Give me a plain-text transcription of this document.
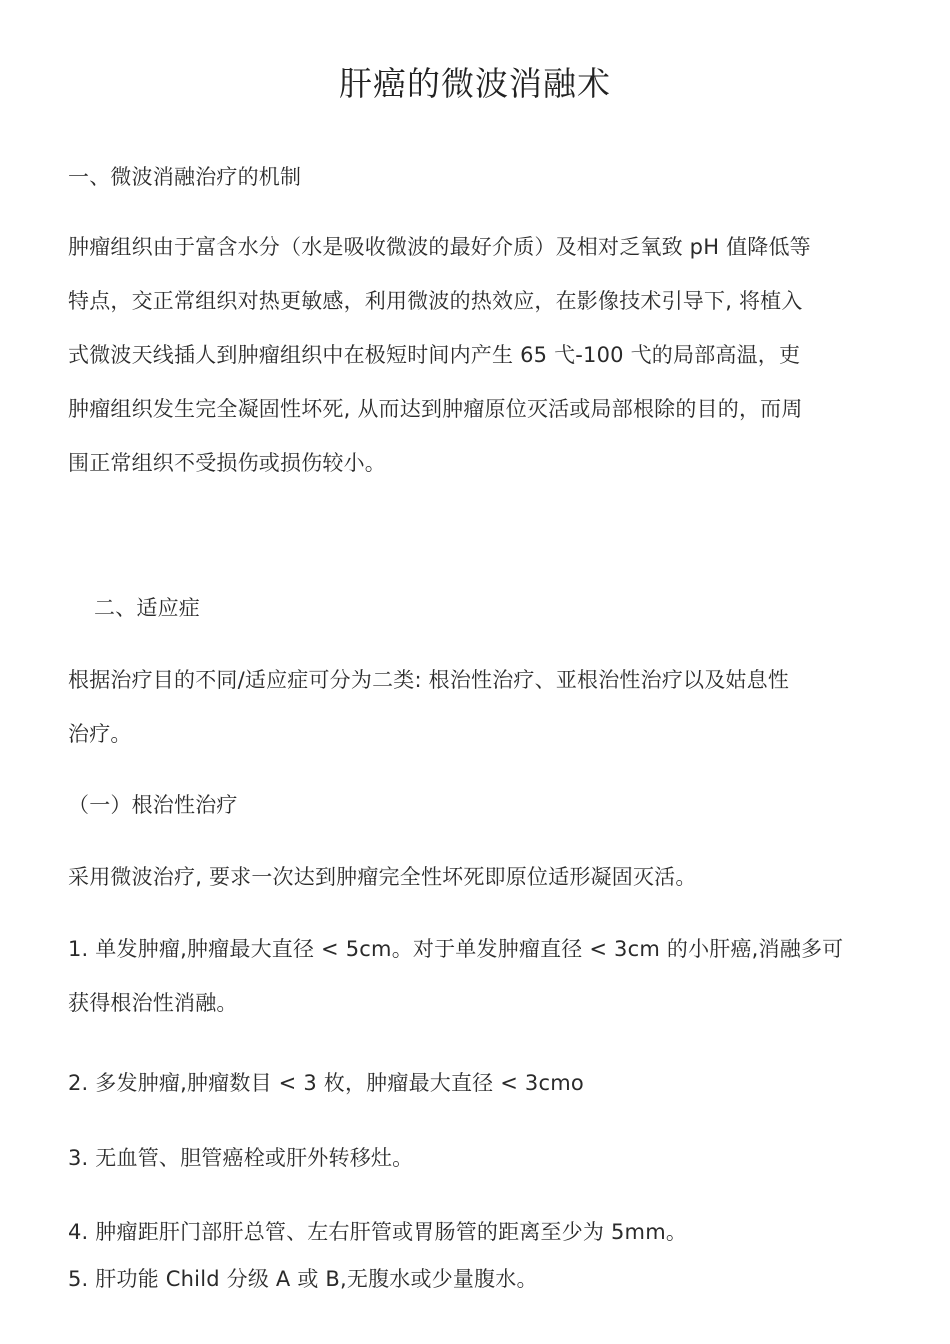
肝癌的微波消融术
一、微波消融治疗的机制
肿瘤组织由于富含水分（水是吸收微波的最好介质）及相对乏氧致 pH 值降低等
特点，交正常组织对热更敏感，利用微波的热效应，在影像技术引导下, 将植入
式微波天线插人到肿瘤组织中在极短时间内产生 65 弋-100 弋的局部高温，吏
肿瘤组织发生完全凝固性坏死, 从而达到肿瘤原位灭活或局部根除的目的，而周
围正常组织不受损伤或损伤较小。
二、适应症
根据治疗目的不同/适应症可分为二类: 根治性治疗、亚根治性治疗以及姑息性
治疗。
（一）根治性治疗
采用微波治疗, 要求一次达到肿瘤完全性坏死即原位适形凝固灭活。
1. 单发肿瘤,肿瘤最大直径 < 5cm。对于单发肿瘤直径 < 3cm 的小肝癌,消融多可
获得根治性消融。
2. 多发肿瘤,肿瘤数目 < 3 枚，肿瘤最大直径 < 3cmo
3. 无血管、胆管癌栓或肝外转移灶。
4. 肿瘤距肝门部肝总管、左右肝管或胃肠管的距离至少为 5mm。
5. 肝功能 Child 分级 A 或 B,无腹水或少量腹水。
